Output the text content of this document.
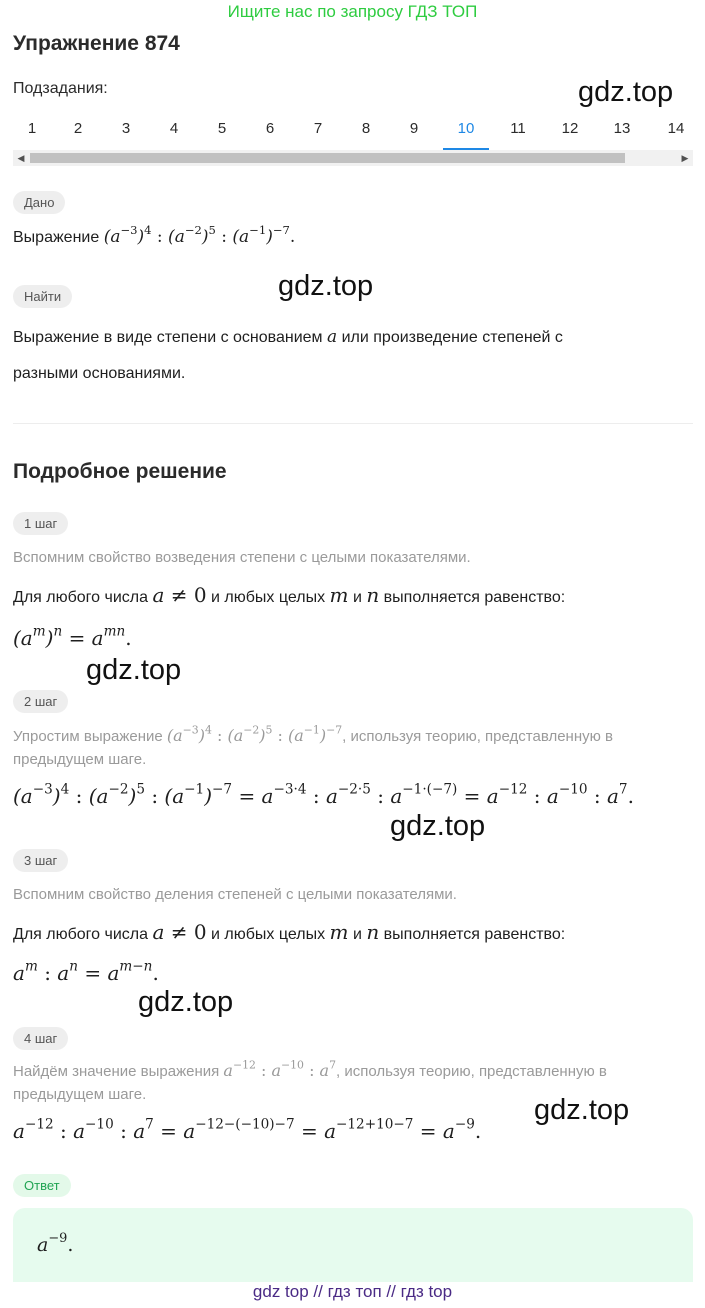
Ищите нас по запросу ГДЗ ТОП
Упражнение 874
Подзадания:	gdz.top
1	2	3	4	5	6	7	8	9	10	11	12	13	14
◀	▶
Дано
Выражение $(a^{-3})^4$ : $(a^{-2})^5$ : $(a^{-1})^{-7}$.
gdz.top
Найти
Выражение в виде степени с основанием a или произведение степеней с
разными основаниями.
Подробное решение
1 шаг
Вспомним свойство возведения степени с целыми показателями.
Для любого числа a ≠ 0 и любых целых m и n выполняется равенство:
$(a^m)^n = a^{mn}$.
gdz.top
2 шаг
Упростим выражение $(a^{-3})^4$ : $(a^{-2})^5$ : $(a^{-1})^{-7}$, используя теорию, представленную в
предыдущем шаге.
$(a^{-3})^4$ : $(a^{-2})^5$ : $(a^{-1})^{-7} = a^{-3\cdot 4}$ : $a^{-2\cdot 5}$ : $a^{-1\cdot(-7)} = a^{-12}$ : $a^{-10}$ : $a^7$.
gdz.top
3 шаг
Вспомним свойство деления степеней с целыми показателями.
Для любого числа a ≠ 0 и любых целых m и n выполняется равенство:
$a^m$ : $a^n = a^{m-n}$.
gdz.top
4 шаг
Найдём значение выражения $a^{-12}$ : $a^{-10}$ : $a^7$, используя теорию, представленную в
предыдущем шаге.	gdz.top
$a^{-12}$ : $a^{-10}$ : $a^7 = a^{-12-(-10)-7} = a^{-12+10-7} = a^{-9}$.
Ответ
$a^{-9}$.
gdz top // гдз топ // гдз top
